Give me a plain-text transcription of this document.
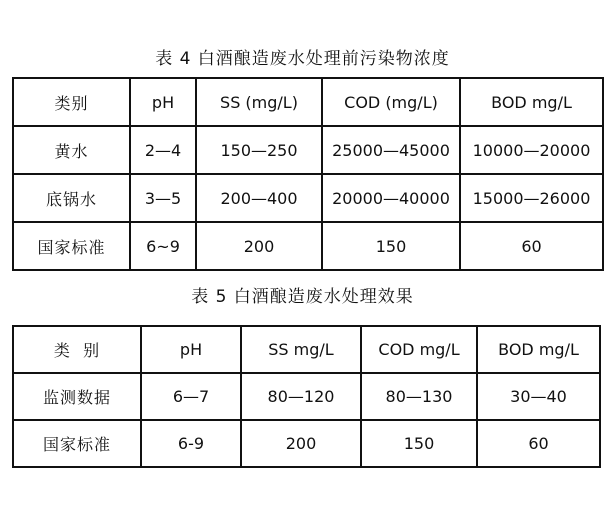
表 4 白酒酿造废水处理前污染物浓度
类别	pH	SS (mg/L)	COD (mg/L)	BOD mg/L
黄水	2—4	150—250	25000—45000	10000—20000
底锅水	3—5	200—400	20000—40000	15000—26000
国家标准	6~9	200	150	60
表 5 白酒酿造废水处理效果
类  别	pH	SS mg/L	COD mg/L	BOD mg/L
监测数据	6—7	80—120	80—130	30—40
国家标准	6-9	200	150	60
